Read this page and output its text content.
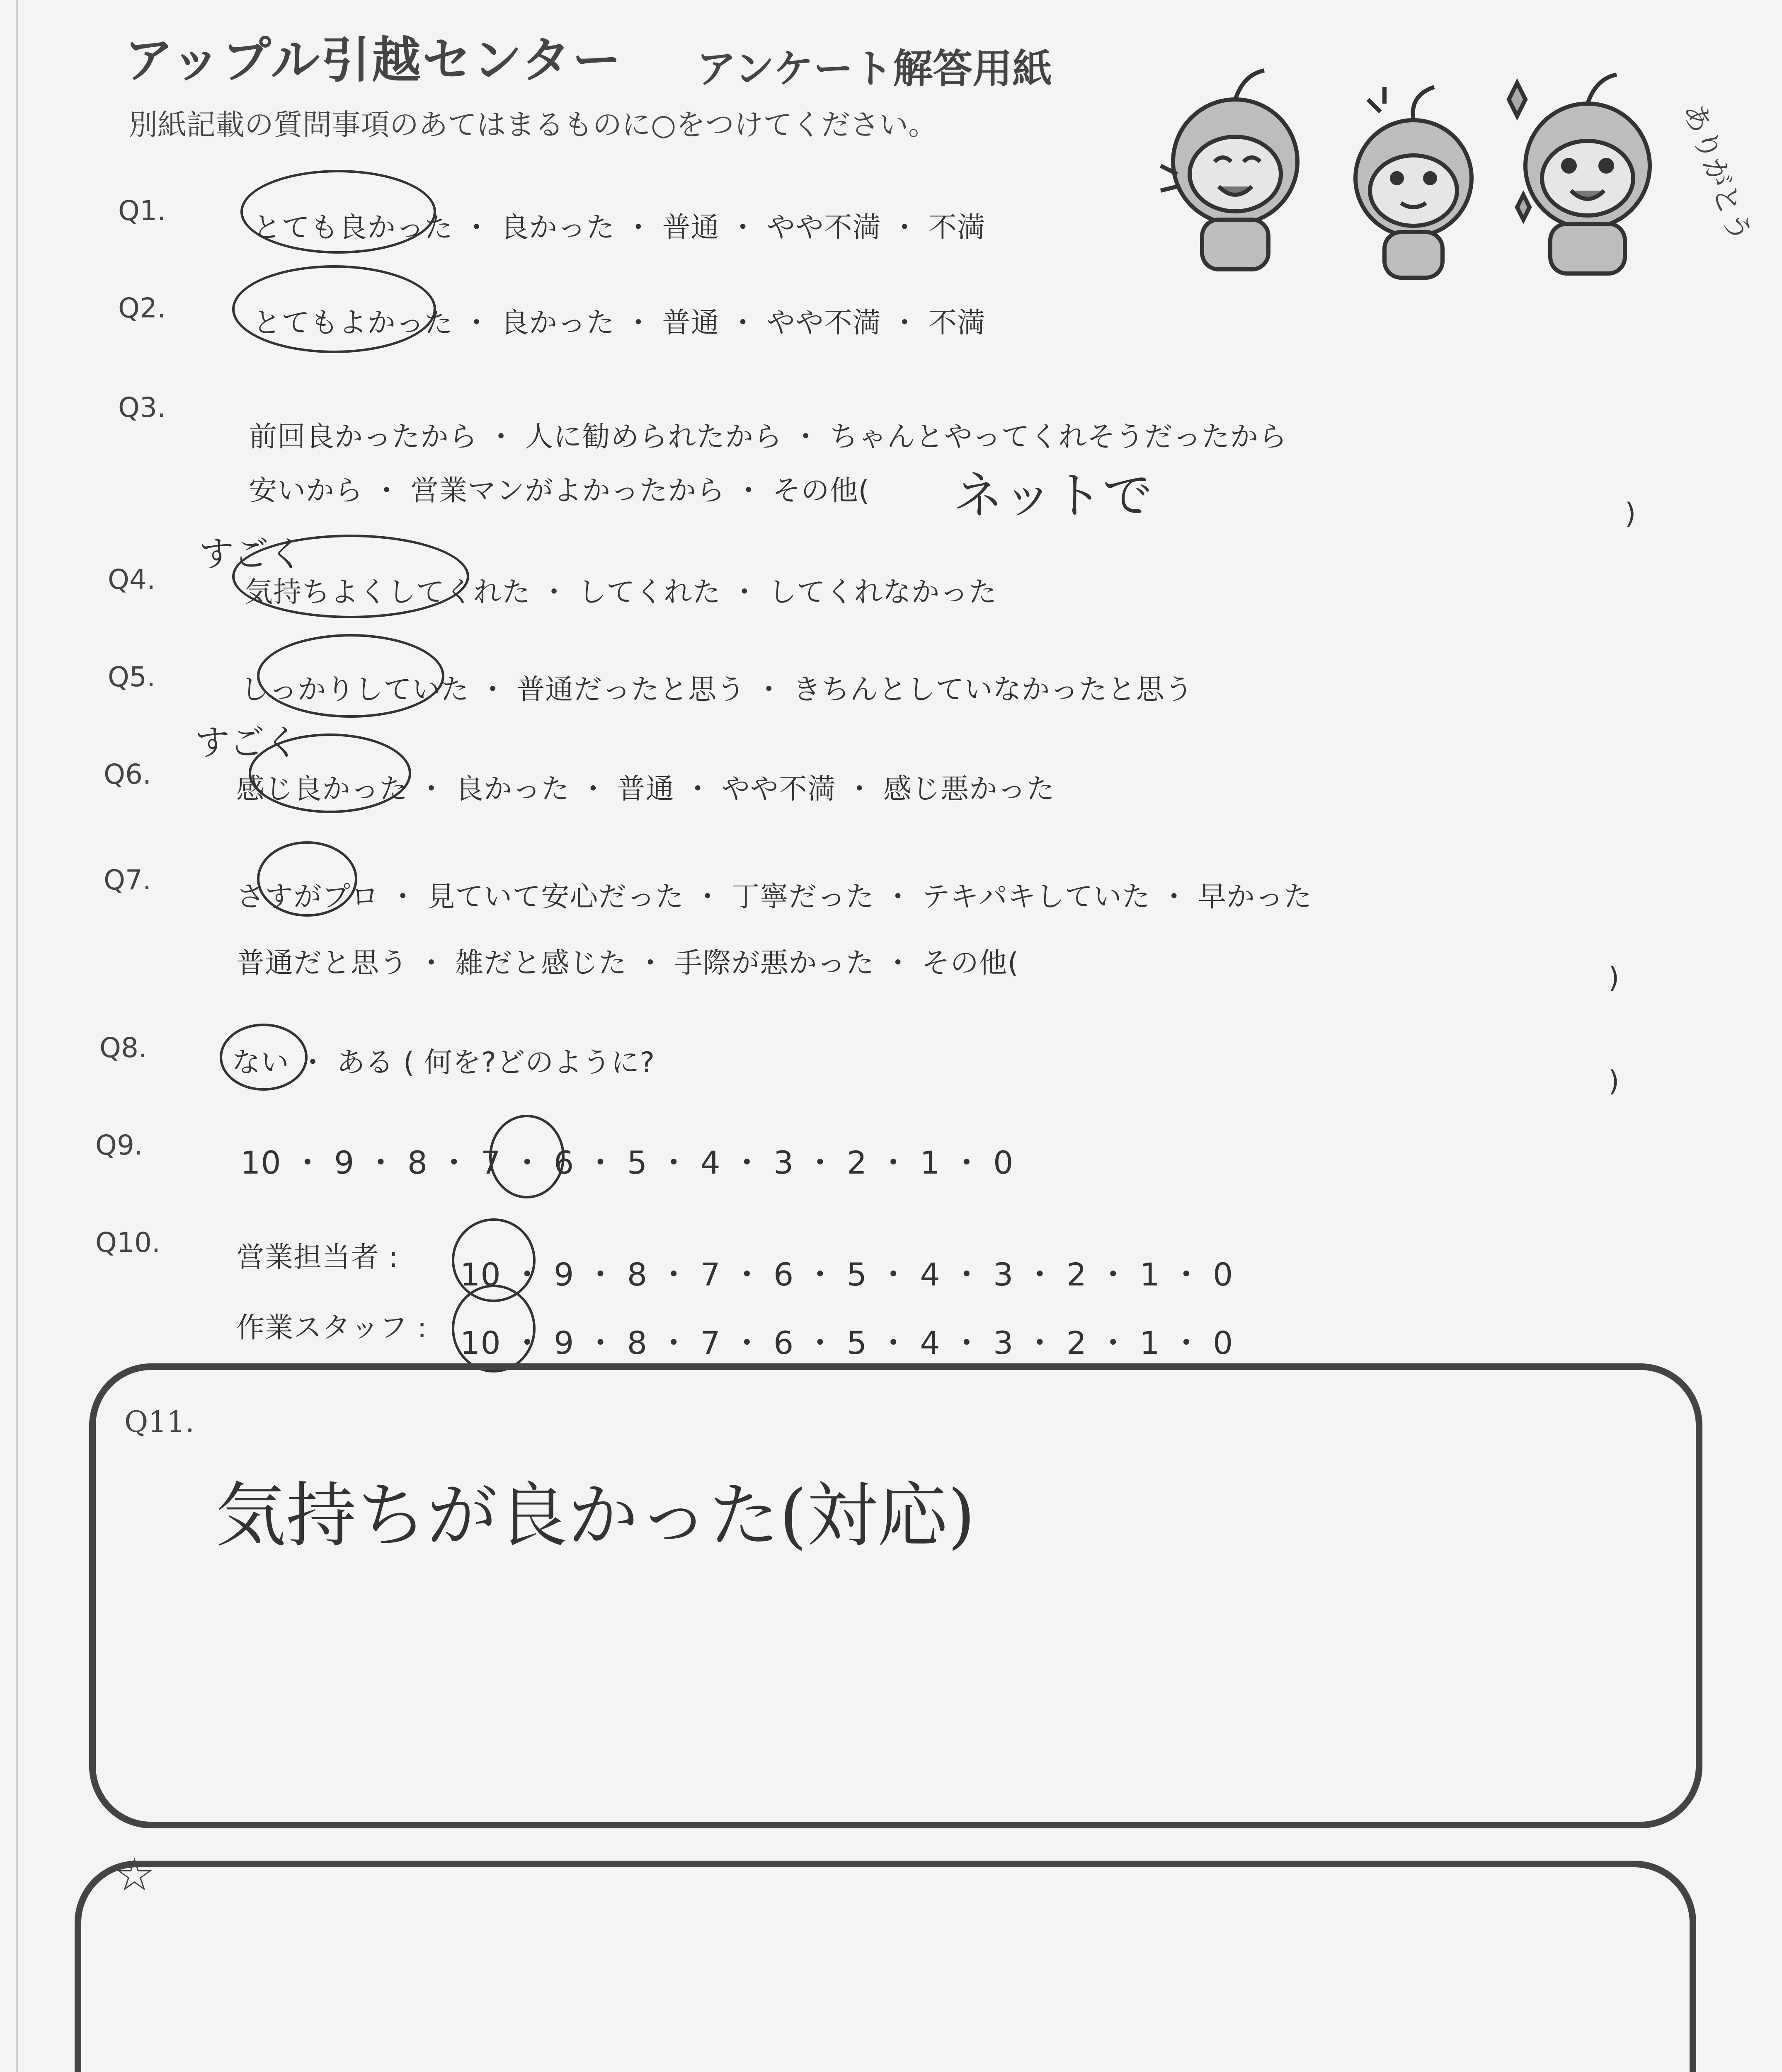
アップル引越センター アンケート解答用紙
別紙記載の質問事項のあてはまるものに○をつけてください。	ありがとう
Q1.
とても良かった ・ 良かった ・ 普通 ・ やや不満 ・ 不満
Q2.	とてもよかった ・ 良かった ・ 普通 ・ やや不満 ・ 不満
Q3.
前回良かったから ・ 人に勧められたから ・ ちゃんとやってくれそうだったから
安いから ・ 営業マンがよかったから ・ その他( ネットで	)
すごく
Q4.	気持ちよくしてくれた ・ してくれた ・ してくれなかった
Q5.	しっかりしていた ・ 普通だったと思う ・ きちんとしていなかったと思う
すごく
Q6.	感じ良かった ・ 良かった ・ 普通 ・ やや不満 ・ 感じ悪かった
Q7.
さすがプロ ・ 見ていて安心だった ・ 丁寧だった ・ テキパキしていた ・ 早かった
普通だと思う ・ 雑だと感じた ・ 手際が悪かった ・ その他(	)
Q8.	ない ・ ある ( 何を?どのように?
)
Q9.	10 ・ 9 ・ 8 ・ 7 ・ 6 ・ 5 ・ 4 ・ 3 ・ 2 ・ 1 ・ 0
Q10.	営業担当者 : 10 ・ 9 ・ 8 ・ 7 ・ 6 ・ 5 ・ 4 ・ 3 ・ 2 ・ 1 ・ 0
作業スタッフ : 10 ・ 9 ・ 8 ・ 7 ・ 6 ・ 5 ・ 4 ・ 3 ・ 2 ・ 1 ・ 0
Q11.
気持ちが良かった(対応)
☆
